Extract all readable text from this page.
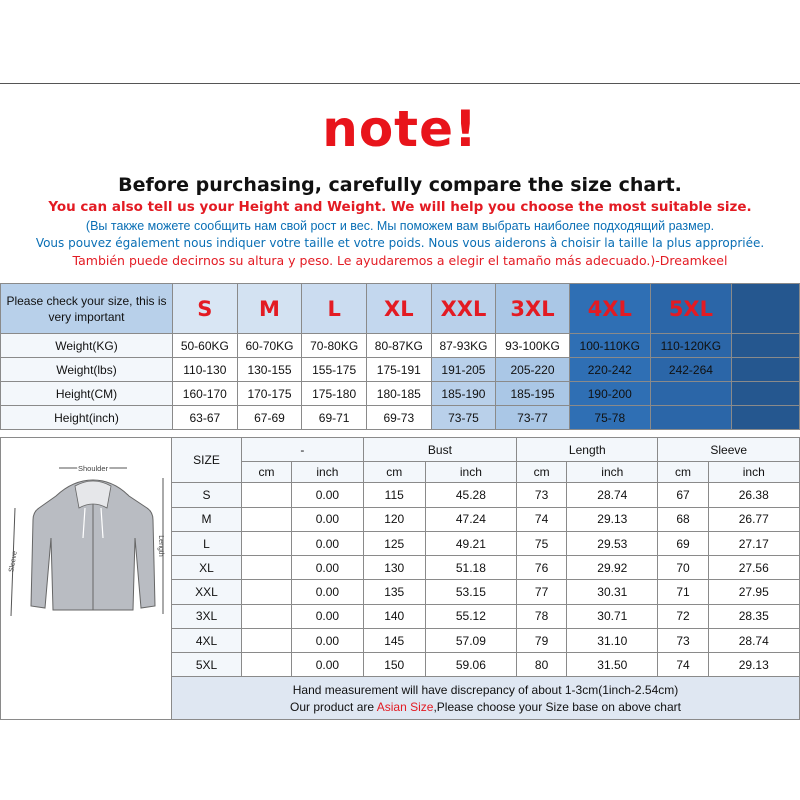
note!
Before purchasing, carefully compare the size chart.
You can also tell us your Height and Weight. We will help you choose the most suitable size.
(Вы также можете сообщить нам свой рост и вес. Мы поможем вам выбрать наиболее подходящий размер.
Vous pouvez également nous indiquer votre taille et votre poids. Nous vous aiderons à choisir la taille la plus appropriée.
También puede decirnos su altura y peso. Le ayudaremos a elegir el tamaño más adecuado.)-Dreamkeel
Please check your size, this is very important	S	M	L	XL	XXL	3XL	4XL	5XL	
Weight(KG)	50-60KG	60-70KG	70-80KG	80-87KG	87-93KG	93-100KG	100-110KG	110-120KG	
Weight(lbs)	110-130	130-155	155-175	175-191	191-205	205-220	220-242	242-264	
Height(CM)	160-170	170-175	175-180	180-185	185-190	185-195	190-200		
Height(inch)	63-67	67-69	69-71	69-73	73-75	73-77	75-78		
Shoulder
Sleeve
Length
SIZE	-		Bust		Length		Sleeve	
	cm	inch	cm	inch	cm	inch	cm	inch
S		0.00	115	45.28	73	28.74	67	26.38
M		0.00	120	47.24	74	29.13	68	26.77
L		0.00	125	49.21	75	29.53	69	27.17
XL		0.00	130	51.18	76	29.92	70	27.56
XXL		0.00	135	53.15	77	30.31	71	27.95
3XL		0.00	140	55.12	78	30.71	72	28.35
4XL		0.00	145	57.09	79	31.10	73	28.74
5XL		0.00	150	59.06	80	31.50	74	29.13
Hand measurement will have discrepancy of about 1-3cm(1inch-2.54cm)
Our product are Asian Size,Please choose your Size base on above chart
